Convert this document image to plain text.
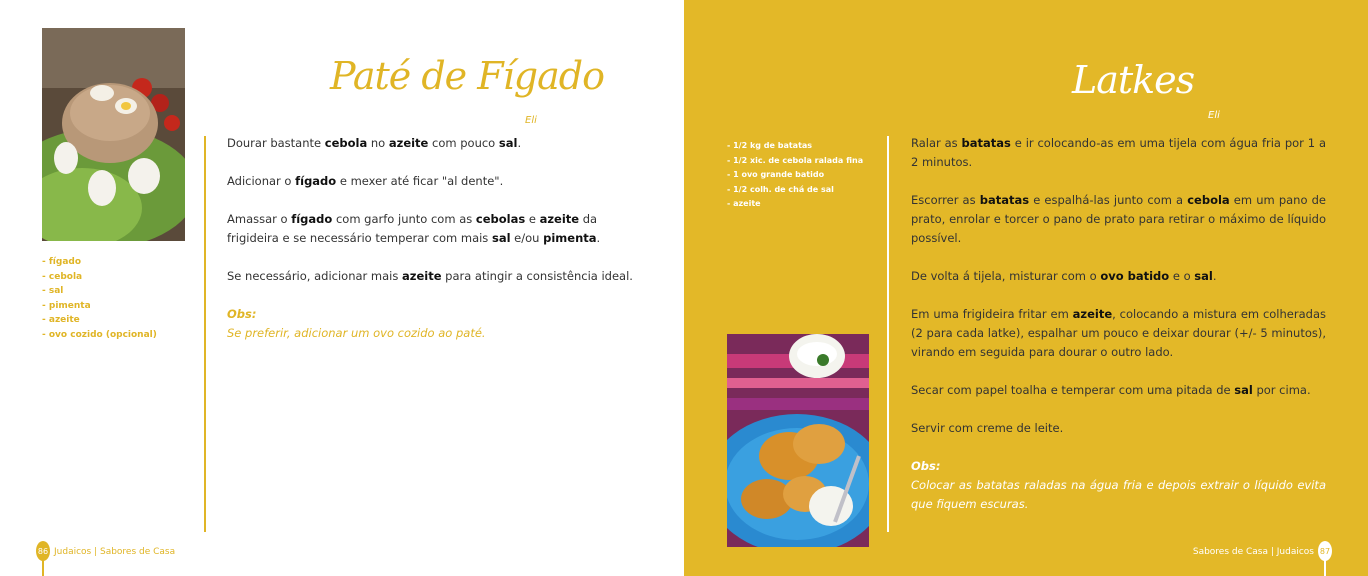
Paté de Fígado
Eli
- fígado
- cebola
- sal
- pimenta
- azeite
- ovo cozido (opcional)

Dourar bastante cebola no azeite com pouco sal.

Adicionar o fígado e mexer até ficar "al dente".

Amassar o fígado com garfo junto com as cebolas e azeite da frigideira e se necessário temperar com mais sal e/ou pimenta.

Se necessário, adicionar mais azeite para atingir a consistência ideal.

Obs:
Se preferir, adicionar um ovo cozido ao paté.
86 Judaicos | Sabores de Casa
Latkes
Eli
- 1/2 kg de batatas
- 1/2 xic. de cebola ralada fina
- 1 ovo grande batido
- 1/2 colh. de chá de sal
- azeite

Ralar as batatas e ir colocando-as em uma tijela com água fria por 1 a 2 minutos.

Escorrer as batatas e espalhá-las junto com a cebola em um pano de prato, enrolar e torcer o pano de prato para retirar o máximo de líquido possível.

De volta á tijela, misturar com o ovo batido e o sal.

Em uma frigideira fritar em azeite, colocando a mistura em colheradas (2 para cada latke), espalhar um pouco e deixar dourar (+/- 5 minutos), virando em seguida para dourar o outro lado.

Secar com papel toalha e temperar com uma pitada de sal por cima.

Servir com creme de leite.

Obs:
Colocar as batatas raladas na água fria e depois extrair o líquido evita que fiquem escuras.
Sabores de Casa | Judaicos 87
